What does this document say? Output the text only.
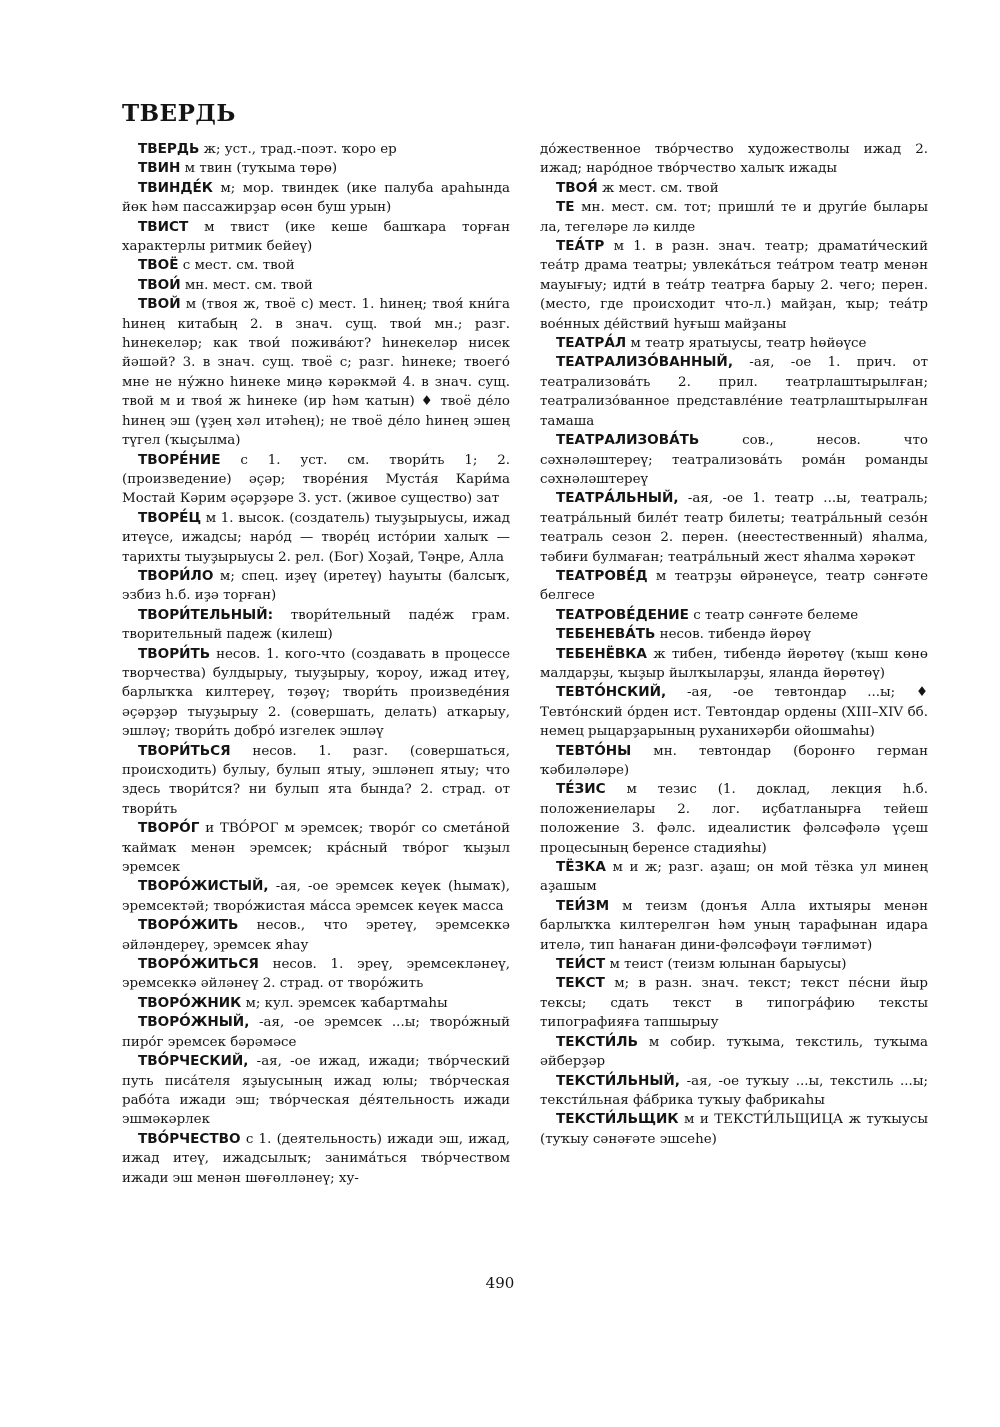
ТВЕРДЬ

ТВЕРДЬ ж; уст., трад.-поэт. ҡоро ер

ТВИН м твин (туҡыма төрө)

ТВИНДЕ́К м; мор. твиндек (ике палуба араһында йөк һәм пассажирҙар өсөн буш урын)

ТВИСТ м твист (ике кеше башҡара торған характерлы ритмик бейеү)

ТВОЁ с мест. см. твой

ТВОИ́ мн. мест. см. твой

ТВОЙ м (твоя ж, твоё с) мест. 1. һинең; твоя́ кни́га һинең китабың 2. в знач. сущ. твои́ мн.; разг. һинекеләр; как твои́ пожива́ют? һинекеләр нисек йәшәй? 3. в знач. сущ. твоё с; разг. һинеке; твоего́ мне не ну́жно һинеке миңә кәрәкмәй 4. в знач. сущ. твой м и твоя́ ж һинеке (ир һәм ҡатын) ♦ твоё де́ло һинең эш (үҙең хәл итәһең); не твоё де́ло һинең эшең түгел (ҡыҫылма)

ТВОРЕ́НИЕ с 1. уст. см. твори́ть 1; 2. (произведение) әҫәр; творе́ния Муста́я Кари́ма Мостай Кәрим әҫәрҙәре 3. уст. (живое существо) зат

ТВОРЕ́Ц м 1. высок. (создатель) тыуҙырыусы, ижад итеүсе, ижадсы; наро́д — творе́ц исто́рии халыҡ — тарихты тыуҙырыусы 2. рел. (Бог) Хоҙай, Тәңре, Алла

ТВОРИ́ЛО м; спец. иҙеү (иретеү) һауыты (балсыҡ, эзбиз һ.б. иҙә торған)

ТВОРИ́ТЕЛЬНЫЙ: твори́тельный паде́ж грам. творительный падеж (килеш)

ТВОРИ́ТЬ несов. 1. кого-что (создавать в процессе творчества) булдырыу, тыуҙырыу, ҡороу, ижад итеү, барлыҡҡа килтереү, төҙөү; твори́ть произведе́ния әҫәрҙәр тыуҙырыу 2. (совершать, делать) аткарыу, эшләү; твори́ть добро́ изгелек эшләү

ТВОРИ́ТЬСЯ несов. 1. разг. (совершаться, происходить) булыу, булып ятыу, эшләнеп ятыу; что здесь твори́тся? ни булып ята бында? 2. страд. от твори́ть

ТВОРО́Г и ТВО́РОГ м эремсек; творо́г со смета́ной ҡаймаҡ менән эремсек; кра́сный тво́рог ҡыҙыл эремсек

ТВОРО́ЖИСТЫЙ, -ая, -ое эремсек кеүек (һымаҡ), эремсектәй; творо́жистая ма́сса эремсек кеүек масса

ТВОРО́ЖИТЬ несов., что эретеү, эремсеккә әйләндереү, эремсек яһау

ТВОРО́ЖИТЬСЯ несов. 1. эреү, эремсекләнеү, эремсеккә әйләнеү 2. страд. от творо́жить

ТВОРО́ЖНИК м; кул. эремсек ҡабартмаһы

ТВОРО́ЖНЫЙ, -ая, -ое эремсек ...ы; творо́жный пиро́г эремсек бәрәмәсе

ТВО́РЧЕСКИЙ, -ая, -ое ижад, ижади; тво́рческий путь писа́теля яҙыусының ижад юлы; тво́рческая рабо́та ижади эш; тво́рческая де́ятельность ижади эшмәкәрлек

ТВО́РЧЕСТВО с 1. (деятельность) ижади эш, ижад, ижад итеү, ижадсылыҡ; занима́ться тво́рчеством ижади эш менән шөғөлләнеү; ху-

до́жественное тво́рчество художестволы ижад 2. ижад; наро́дное тво́рчество халыҡ ижады

ТВОЯ́ ж мест. см. твой

ТЕ мн. мест. см. тот; пришли́ те и други́е былары ла, тегеләре лә килде

ТЕА́ТР м 1. в разн. знач. театр; драмати́ческий теа́тр драма театры; увлека́ться теа́тром театр менән мауығыу; идти́ в теа́тр театрға барыу 2. чего; перен. (место, где происходит что-л.) майҙан, ҡыр; теа́тр вое́нных де́йствий һуғыш майҙаны

ТЕАТРА́Л м театр яратыусы, театр һөйөүсе

ТЕАТРАЛИЗО́ВАННЫЙ, -ая, -ое 1. прич. от театрализова́ть 2. прил. театрлаштырылған; театрализо́ванное представле́ние театрлаштырылған тамаша

ТЕАТРАЛИЗОВА́ТЬ	сов., несов. что сәхнәләштереү; театрализова́ть рома́н романды сәхнәләштереү

ТЕАТРА́ЛЬНЫЙ, -ая, -ое 1. театр ...ы, театраль; театра́льный биле́т театр билеты; театра́льный сезо́н театраль сезон 2. перен. (неестественный) яһалма, тәбиғи булмаған; театра́льный жест яһалма хәрәкәт

ТЕАТРОВЕ́Д м театрҙы өйрәнеүсе, театр сәнғәте белгесе

ТЕАТРОВЕ́ДЕНИЕ с театр сәнғәте белеме

ТЕБЕНЕВА́ТЬ несов. тибендә йөрөү

ТЕБЕНЁВКА ж тибен, тибендә йөрөтөү (ҡыш көнө малдарҙы, ҡыҙыр йылҡыларҙы, яланда йөрөтөү)

ТЕВТО́НСКИЙ, -ая, -ое тевтондар ...ы; ♦ Тевто́нский о́рден ист. Тевтондар ордены (XIII–XIV бб. немец рыцарҙарының руханихәрби ойошмаһы)

ТЕВТО́НЫ мн. тевтондар (боронғо герман ҡәбиләләре)

ТЕ́ЗИС м тезис (1. доклад, лекция һ.б. положениелары 2. лог. иҫбатланырға тейеш положение 3. фәлс. идеалистик фәлсәфәлә үҫеш процесының беренсе стадияһы)

ТЁЗКА м и ж; разг. аҙаш; он мой тёзка ул минең аҙашым

ТЕИ́ЗМ м теизм (донъя Алла ихтыяры менән барлыҡҡа килтерелгән һәм уның тарафынан идара ителә, тип һанаған дини-фәлсәфәүи тәғлимәт)

ТЕИ́СТ м теист (теизм юлынан барыусы)

ТЕКСТ м; в разн. знач. текст; текст пе́сни йыр тексы; сдать текст в типогра́фию тексты типографияға тапшырыу

ТЕКСТИ́ЛЬ м собир. туҡыма, текстиль, туҡыма әйберҙәр

ТЕКСТИ́ЛЬНЫЙ, -ая, -ое туҡыу ...ы, текстиль ...ы; тексти́льная фа́брика туҡыу фабрикаһы

ТЕКСТИ́ЛЬЩИК м и ТЕКСТИ́ЛЬЩИЦА ж туҡыусы (туҡыу сәнәғәте эшсеһе)

490
